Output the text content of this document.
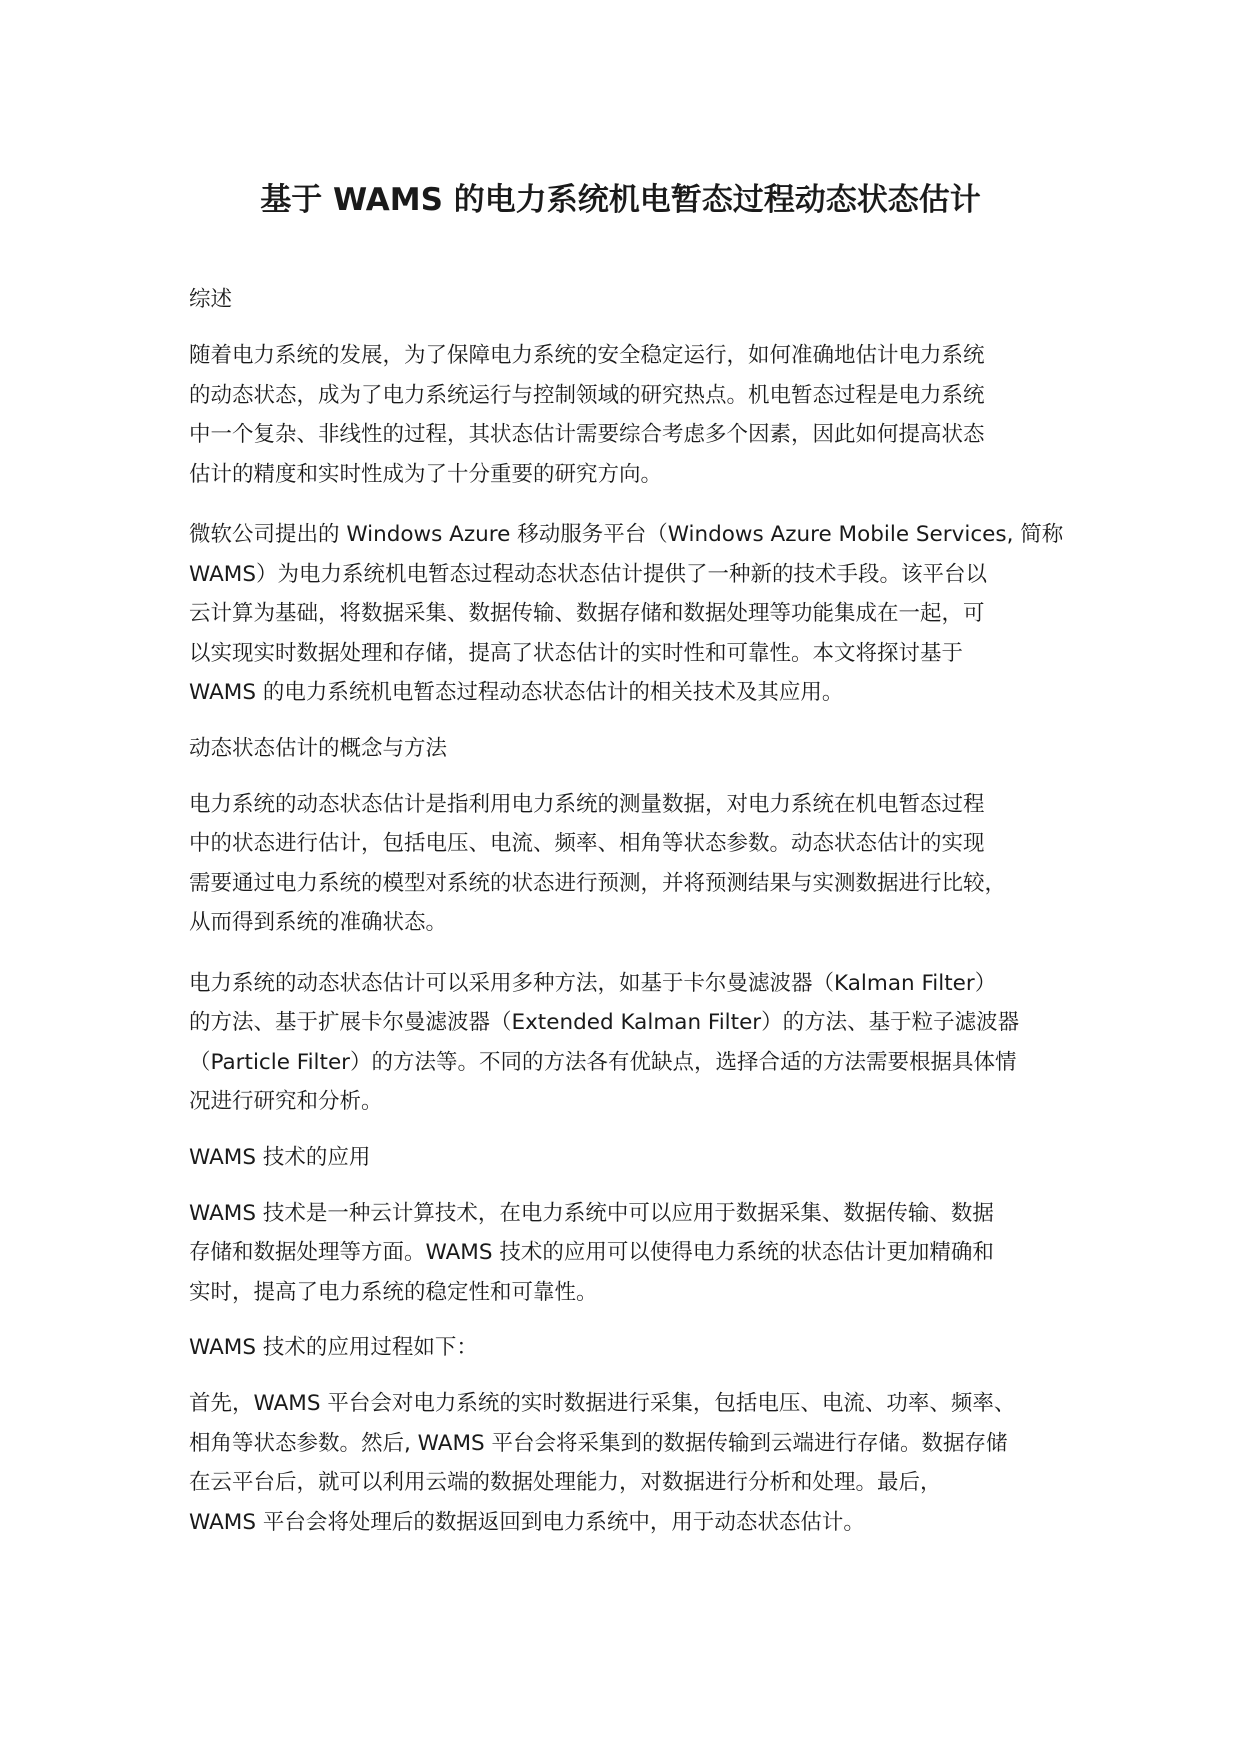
基于 WAMS 的电力系统机电暂态过程动态状态估计
综述

随着电力系统的发展，为了保障电力系统的安全稳定运行，如何准确地估计电力系统
的动态状态，成为了电力系统运行与控制领域的研究热点。机电暂态过程是电力系统
中一个复杂、非线性的过程，其状态估计需要综合考虑多个因素，因此如何提高状态
估计的精度和实时性成为了十分重要的研究方向。

微软公司提出的 Windows Azure 移动服务平台（Windows Azure Mobile Services, 简称
WAMS）为电力系统机电暂态过程动态状态估计提供了一种新的技术手段。该平台以
云计算为基础，将数据采集、数据传输、数据存储和数据处理等功能集成在一起，可
以实现实时数据处理和存储，提高了状态估计的实时性和可靠性。本文将探讨基于
WAMS 的电力系统机电暂态过程动态状态估计的相关技术及其应用。

动态状态估计的概念与方法

电力系统的动态状态估计是指利用电力系统的测量数据，对电力系统在机电暂态过程
中的状态进行估计，包括电压、电流、频率、相角等状态参数。动态状态估计的实现
需要通过电力系统的模型对系统的状态进行预测，并将预测结果与实测数据进行比较，
从而得到系统的准确状态。

电力系统的动态状态估计可以采用多种方法，如基于卡尔曼滤波器（Kalman Filter）
的方法、基于扩展卡尔曼滤波器（Extended Kalman Filter）的方法、基于粒子滤波器
（Particle Filter）的方法等。不同的方法各有优缺点，选择合适的方法需要根据具体情
况进行研究和分析。

WAMS 技术的应用

WAMS 技术是一种云计算技术，在电力系统中可以应用于数据采集、数据传输、数据
存储和数据处理等方面。WAMS 技术的应用可以使得电力系统的状态估计更加精确和
实时，提高了电力系统的稳定性和可靠性。

WAMS 技术的应用过程如下：

首先，WAMS 平台会对电力系统的实时数据进行采集，包括电压、电流、功率、频率、
相角等状态参数。然后, WAMS 平台会将采集到的数据传输到云端进行存储。数据存储
在云平台后，就可以利用云端的数据处理能力，对数据进行分析和处理。最后，
WAMS 平台会将处理后的数据返回到电力系统中，用于动态状态估计。
